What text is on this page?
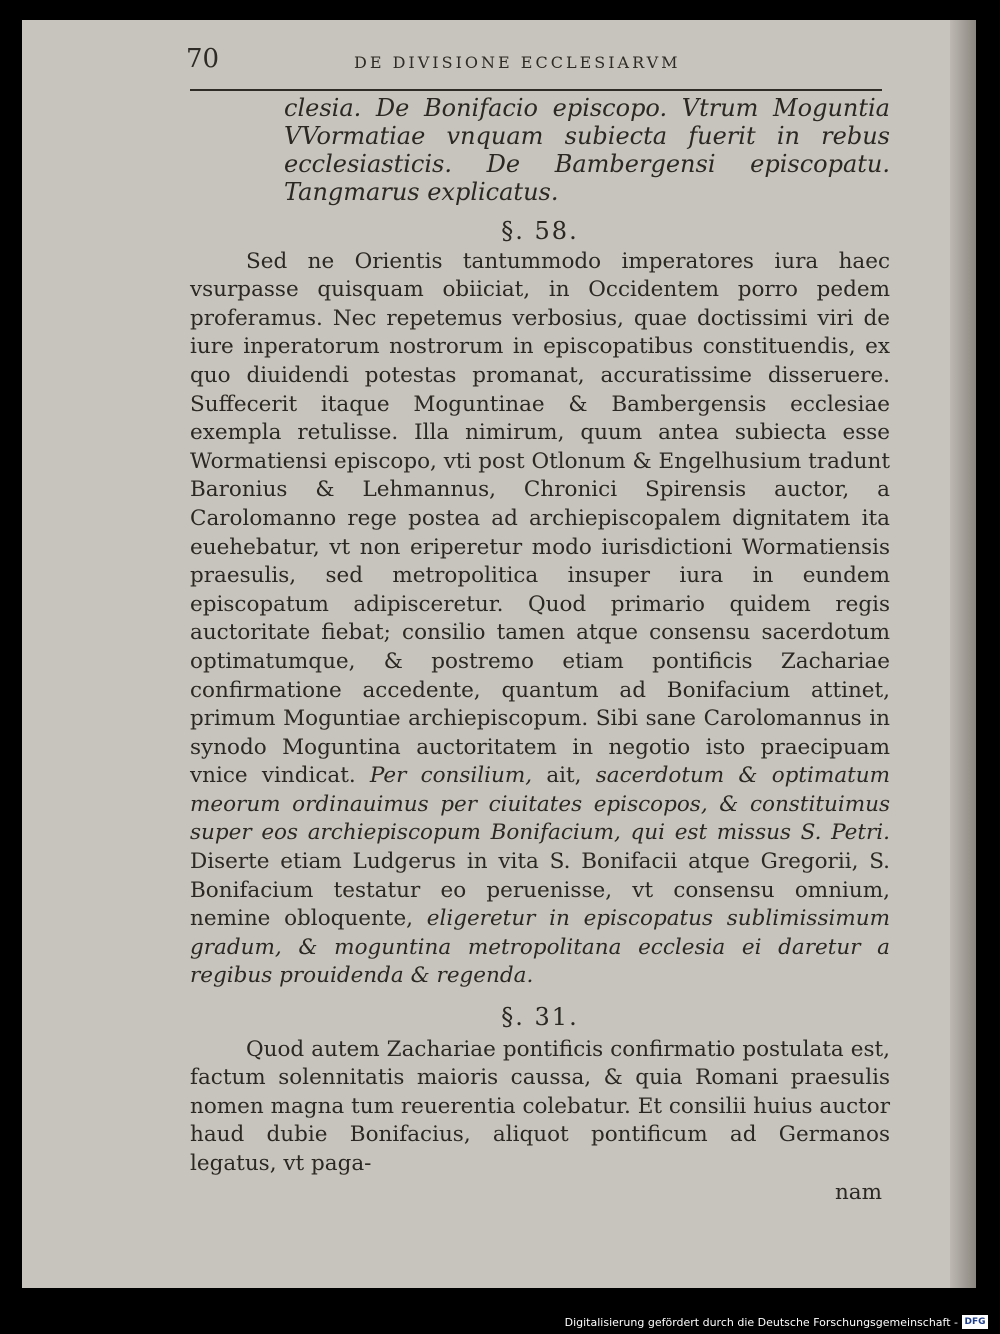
70	DE DIVISIONE ECCLESIARVM

clesia. De Bonifacio episcopo. Vtrum Moguntia VVormatiae vnquam subiecta fuerit in rebus ecclesiasticis. De Bambergensi episcopatu. Tangmarus explicatus.

§. 58.

Sed ne Orientis tantummodo imperatores iura haec vsurpasse quisquam obiiciat, in Occidentem porro pedem proferamus. Nec repetemus verbosius, quae doctissimi viri de iure inperatorum nostrorum in episcopatibus constituendis, ex quo diuidendi potestas promanat, accuratissime disseruere. Suffecerit itaque Moguntinae & Bambergensis ecclesiae exempla retulisse. Illa nimirum, quum antea subiecta esse Wormatiensi episcopo, vti post Otlonum & Engelhusium tradunt Baronius & Lehmannus, Chronici Spirensis auctor, a Carolomanno rege postea ad archiepiscopalem dignitatem ita euehebatur, vt non eriperetur modo iurisdictioni Wormatiensis praesulis, sed metropolitica insuper iura in eundem episcopatum adipisceretur. Quod primario quidem regis auctoritate fiebat; consilio tamen atque consensu sacerdotum optimatumque, & postremo etiam pontificis Zachariae confirmatione accedente, quantum ad Bonifacium attinet, primum Moguntiae archiepiscopum. Sibi sane Carolomannus in synodo Moguntina auctoritatem in negotio isto praecipuam vnice vindicat. Per consilium, ait, sacerdotum & optimatum meorum ordinauimus per ciuitates episcopos, & constituimus super eos archiepiscopum Bonifacium, qui est missus S. Petri. Diserte etiam Ludgerus in vita S. Bonifacii atque Gregorii, S. Bonifacium testatur eo peruenisse, vt consensu omnium, nemine obloquente, eligeretur in episcopatus sublimissimum gradum, & moguntina metropolitana ecclesia ei daretur a regibus prouidenda & regenda.

§. 31.

Quod autem Zachariae pontificis confirmatio postulata est, factum solennitatis maioris caussa, & quia Romani praesulis nomen magna tum reuerentia colebatur. Et consilii huius auctor haud dubie Bonifacius, aliquot pontificum ad Germanos legatus, vt paga-

nam

Digitalisierung gefördert durch die Deutsche Forschungsgemeinschaft - DFG
